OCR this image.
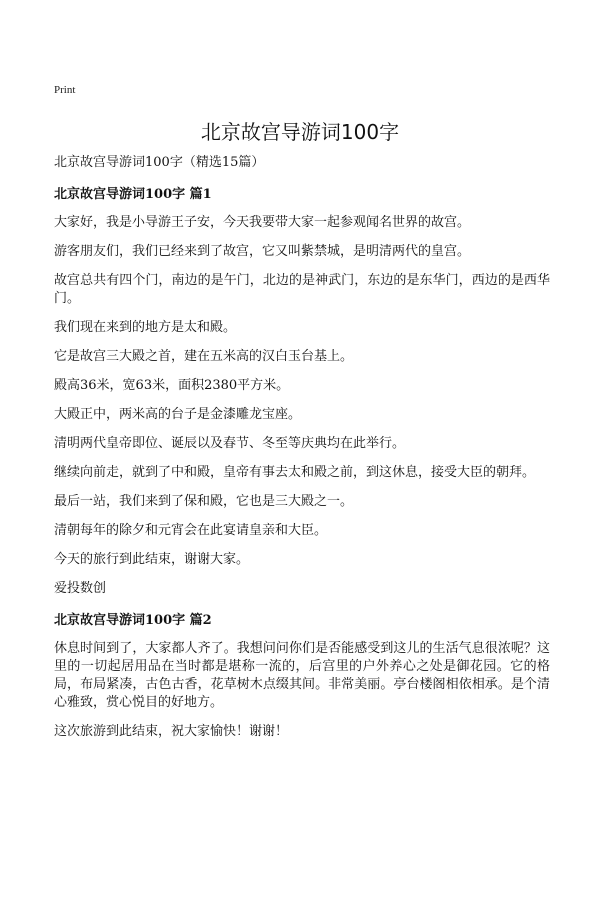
Print
北京故宫导游词100字

北京故宫导游词100字（精选15篇）

北京故宫导游词100字 篇1

大家好，我是小导游王子安，今天我要带大家一起参观闻名世界的故宫。

游客朋友们，我们已经来到了故宫，它又叫紫禁城，是明清两代的皇宫。

故宫总共有四个门，南边的是午门，北边的是神武门，东边的是东华门，西边的是西华门。

我们现在来到的地方是太和殿。

它是故宫三大殿之首，建在五米高的汉白玉台基上。

殿高36米，宽63米，面积2380平方米。

大殿正中，两米高的台子是金漆雕龙宝座。

清明两代皇帝即位、诞辰以及春节、冬至等庆典均在此举行。

继续向前走，就到了中和殿，皇帝有事去太和殿之前，到这休息，接受大臣的朝拜。

最后一站，我们来到了保和殿，它也是三大殿之一。

清朝每年的除夕和元宵会在此宴请皇亲和大臣。

今天的旅行到此结束，谢谢大家。

爱投数创

北京故宫导游词100字 篇2

休息时间到了，大家都人齐了。我想问问你们是否能感受到这儿的生活气息很浓呢？这里的一切起居用品在当时都是堪称一流的，后宫里的户外养心之处是御花园。它的格局，布局紧凑，古色古香，花草树木点缀其间。非常美丽。亭台楼阁相依相承。是个清心雅致，赏心悦目的好地方。

这次旅游到此结束，祝大家愉快！谢谢！
